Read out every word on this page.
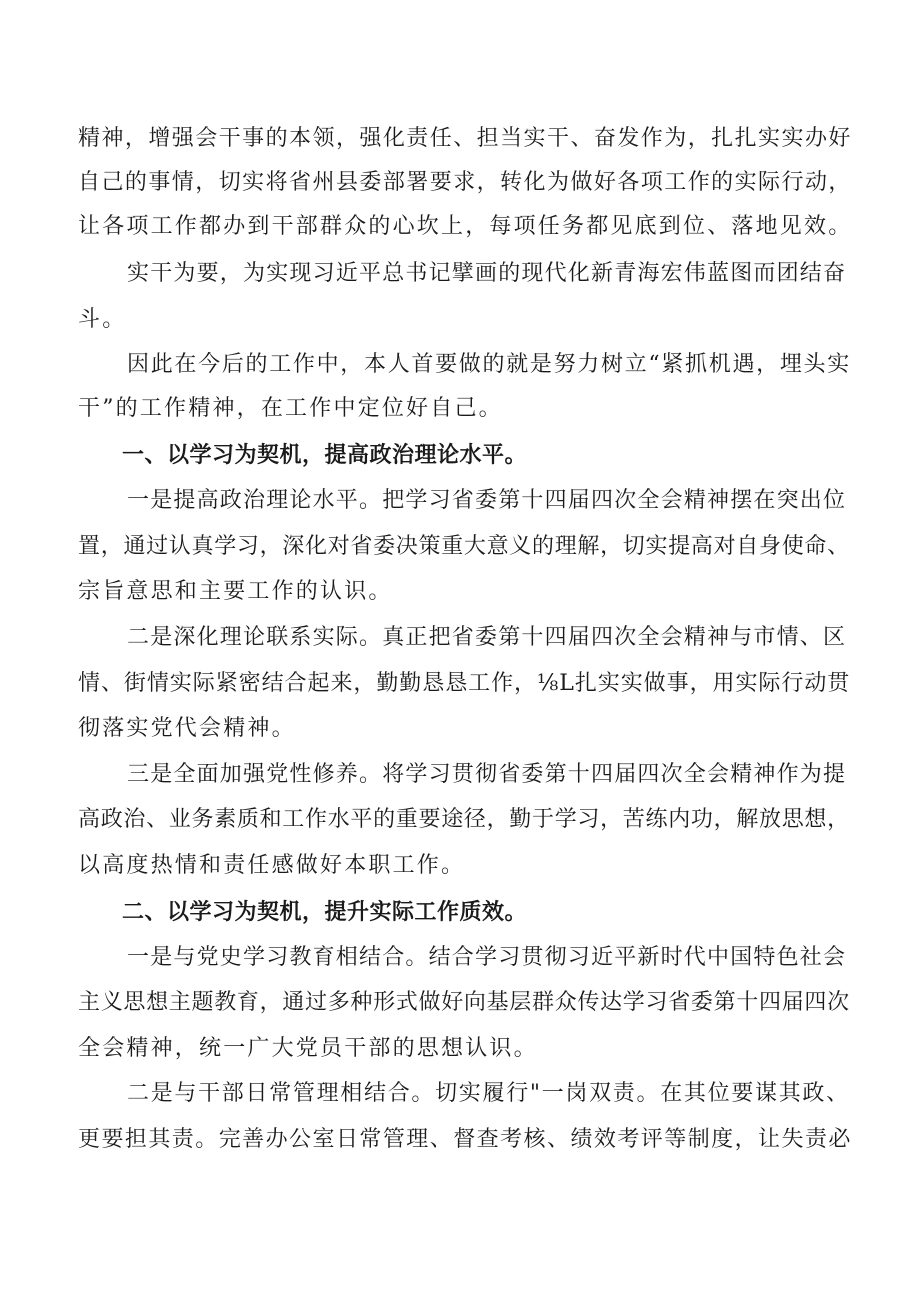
精神，增强会干事的本领，强化责任、担当实干、奋发作为，扎扎实实办好
自己的事情，切实将省州县委部署要求，转化为做好各项工作的实际行动，
让各项工作都办到干部群众的心坎上，每项任务都见底到位、落地见效。
实干为要，为实现习近平总书记擘画的现代化新青海宏伟蓝图而团结奋
斗。
因此在今后的工作中，本人首要做的就是努力树立“紧抓机遇，埋头实
干”的工作精神，在工作中定位好自己。
一、以学习为契机，提高政治理论水平。
一是提高政治理论水平。把学习省委第十四届四次全会精神摆在突出位
置，通过认真学习，深化对省委决策重大意义的理解，切实提高对自身使命、
宗旨意思和主要工作的认识。
二是深化理论联系实际。真正把省委第十四届四次全会精神与市情、区
情、街情实际紧密结合起来，勤勤恳恳工作，⅛L扎实实做事，用实际行动贯
彻落实党代会精神。
三是全面加强党性修养。将学习贯彻省委第十四届四次全会精神作为提
高政治、业务素质和工作水平的重要途径，勤于学习，苦练内功，解放思想，
以高度热情和责任感做好本职工作。
二、以学习为契机，提升实际工作质效。
一是与党史学习教育相结合。结合学习贯彻习近平新时代中国特色社会
主义思想主题教育，通过多种形式做好向基层群众传达学习省委第十四届四次
全会精神，统一广大党员干部的思想认识。
二是与干部日常管理相结合。切实履行"一岗双责。在其位要谋其政、
更要担其责。完善办公室日常管理、督查考核、绩效考评等制度，让失责必
